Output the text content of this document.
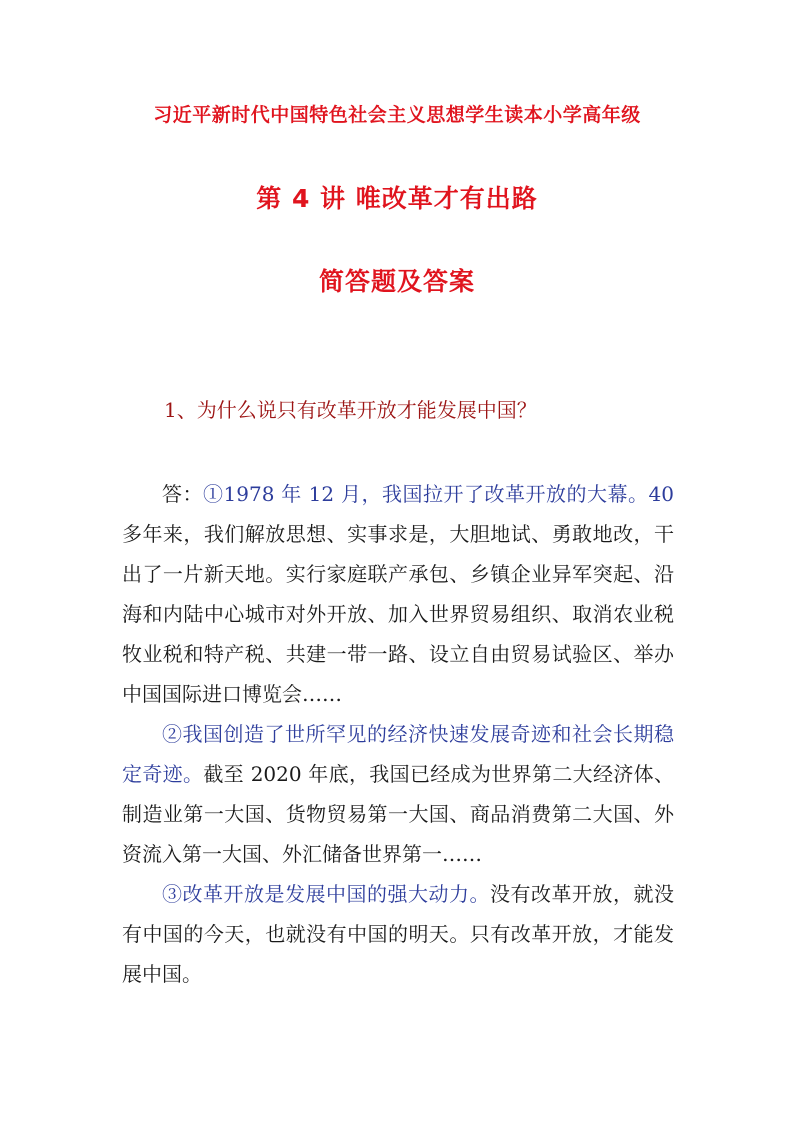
习近平新时代中国特色社会主义思想学生读本小学高年级
第 4 讲 唯改革才有出路
简答题及答案
1、为什么说只有改革开放才能发展中国？

答：①1978 年 12 月，我国拉开了改革开放的大幕。40多年来，我们解放思想、实事求是，大胆地试、勇敢地改，干出了一片新天地。实行家庭联产承包、乡镇企业异军突起、沿海和内陆中心城市对外开放、加入世界贸易组织、取消农业税牧业税和特产税、共建一带一路、设立自由贸易试验区、举办中国国际进口博览会……

②我国创造了世所罕见的经济快速发展奇迹和社会长期稳定奇迹。截至 2020 年底，我国已经成为世界第二大经济体、制造业第一大国、货物贸易第一大国、商品消费第二大国、外资流入第一大国、外汇储备世界第一……

③改革开放是发展中国的强大动力。没有改革开放，就没有中国的今天，也就没有中国的明天。只有改革开放，才能发展中国。
